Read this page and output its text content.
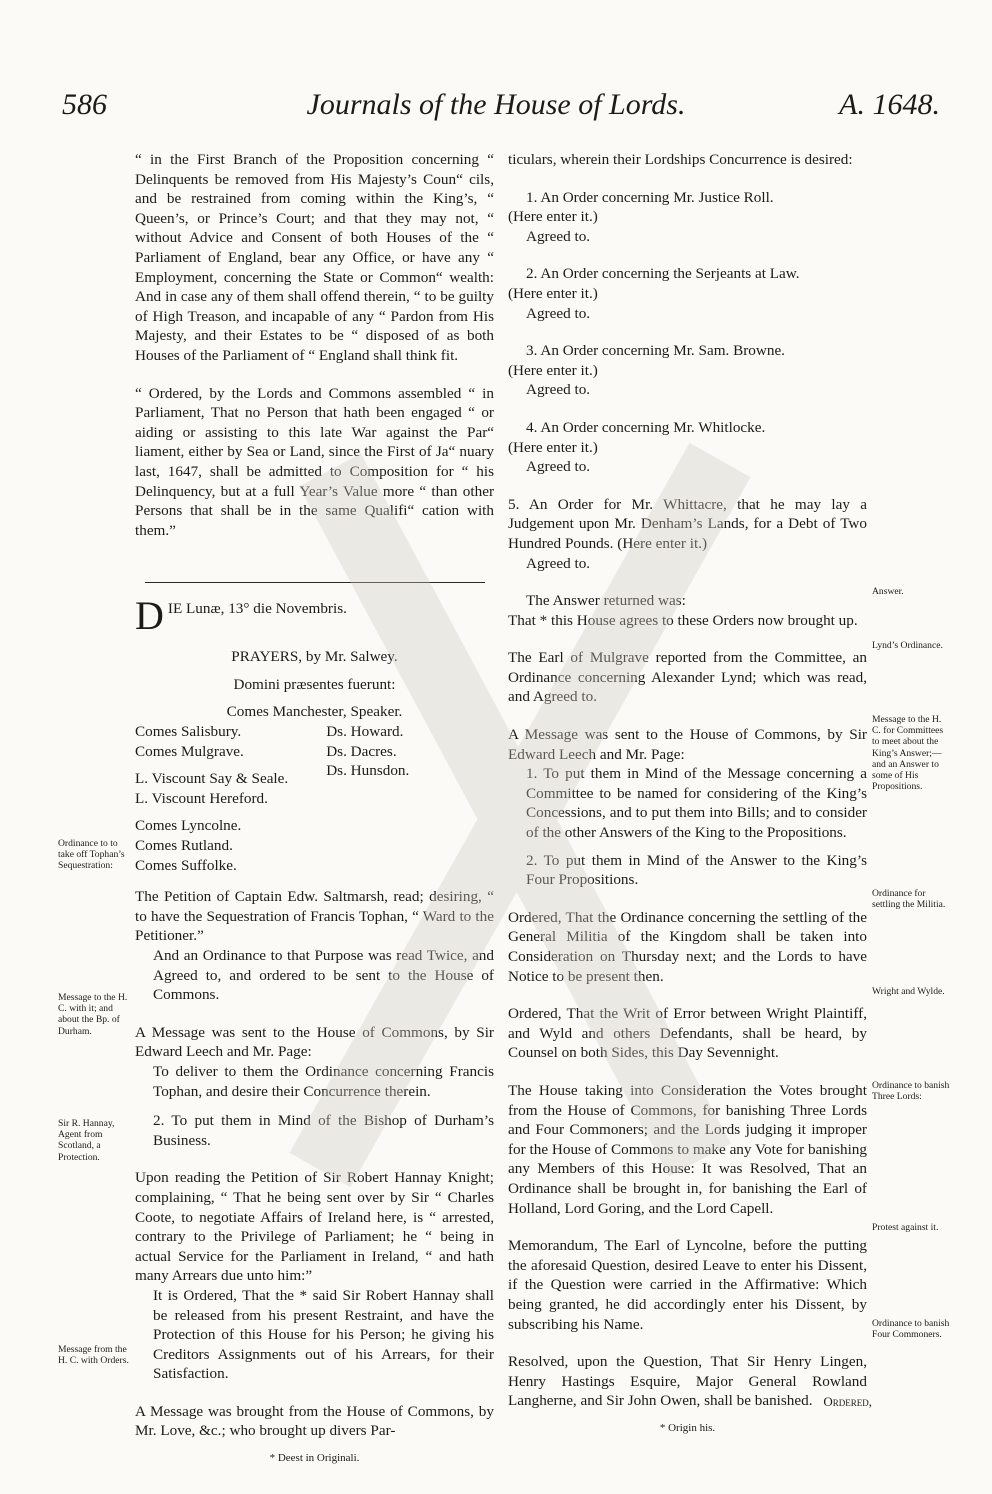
586	Journals of the House of Lords.	A. 1648.

“ in the First Branch of the Proposition concerning “ Delinquents be removed from His Majesty’s Coun“ cils, and be restrained from coming within the King’s, “ Queen’s, or Prince’s Court; and that they may not, “ without Advice and Consent of both Houses of the “ Parliament of England, bear any Office, or have any “ Employment, concerning the State or Common“ wealth: And in case any of them shall offend therein, “ to be guilty of High Treason, and incapable of any “ Pardon from His Majesty, and their Estates to be “ disposed of as both Houses of the Parliament of “ England shall think fit.

“ Ordered, by the Lords and Commons assembled “ in Parliament, That no Person that hath been engaged “ or aiding or assisting to this late War against the Par“ liament, either by Sea or Land, since the First of Ja“ nuary last, 1647, shall be admitted to Composition for “ his Delinquency, but at a full Year’s Value more “ than other Persons that shall be in the same Qualifi“ cation with them.”

DIE Lunæ, 13° die Novembris.

PRAYERS, by Mr. Salwey.

Domini præsentes fuerunt:

Comes Manchester, Speaker.

Comes Salisbury.

Comes Mulgrave.

L. Viscount Say & Seale.

L. Viscount Hereford.

Comes Lyncolne.

Comes Rutland.

Comes Suffolke.

Ds. Howard.

Ds. Dacres.

Ds. Hunsdon.

The Petition of Captain Edw. Saltmarsh, read; desiring, “ to have the Sequestration of Francis Tophan, “ Ward to the Petitioner.”

And an Ordinance to that Purpose was read Twice, and Agreed to, and ordered to be sent to the House of Commons.

A Message was sent to the House of Commons, by Sir Edward Leech and Mr. Page:

To deliver to them the Ordinance concerning Francis Tophan, and desire their Concurrence therein.

2. To put them in Mind of the Bishop of Durham’s Business.

Upon reading the Petition of Sir Robert Hannay Knight; complaining, “ That he being sent over by Sir “ Charles Coote, to negotiate Affairs of Ireland here, is “ arrested, contrary to the Privilege of Parliament; he “ being in actual Service for the Parliament in Ireland, “ and hath many Arrears due unto him:”

It is Ordered, That the * said Sir Robert Hannay shall be released from his present Restraint, and have the Protection of this House for his Person; he giving his Creditors Assignments out of his Arrears, for their Satisfaction.

A Message was brought from the House of Commons, by Mr. Love, &c.; who brought up divers Par-

* Deest in Originali.

ticulars, wherein their Lordships Concurrence is desired:

1. An Order concerning Mr. Justice Roll.

(Here enter it.)

Agreed to.

2. An Order concerning the Serjeants at Law.

(Here enter it.)

Agreed to.

3. An Order concerning Mr. Sam. Browne.

(Here enter it.)

Agreed to.

4. An Order concerning Mr. Whitlocke.

(Here enter it.)

Agreed to.

5. An Order for Mr. Whittacre, that he may lay a Judgement upon Mr. Denham’s Lands, for a Debt of Two Hundred Pounds. (Here enter it.)

Agreed to.

The Answer returned was:

That * this House agrees to these Orders now brought up.

The Earl of Mulgrave reported from the Committee, an Ordinance concerning Alexander Lynd; which was read, and Agreed to.

A Message was sent to the House of Commons, by Sir Edward Leech and Mr. Page:

1. To put them in Mind of the Message concerning a Committee to be named for considering of the King’s Concessions, and to put them into Bills; and to consider of the other Answers of the King to the Propositions.

2. To put them in Mind of the Answer to the King’s Four Propositions.

Ordered, That the Ordinance concerning the settling of the General Militia of the Kingdom shall be taken into Consideration on Thursday next; and the Lords to have Notice to be present then.

Ordered, That the Writ of Error between Wright Plaintiff, and Wyld and others Defendants, shall be heard, by Counsel on both Sides, this Day Sevennight.

The House taking into Consideration the Votes brought from the House of Commons, for banishing Three Lords and Four Commoners; and the Lords judging it improper for the House of Commons to make any Vote for banishing any Members of this House: It was Resolved, That an Ordinance shall be brought in, for banishing the Earl of Holland, Lord Goring, and the Lord Capell.

Memorandum, The Earl of Lyncolne, before the putting the aforesaid Question, desired Leave to enter his Dissent, if the Question were carried in the Affirmative: Which being granted, he did accordingly enter his Dissent, by subscribing his Name.

Resolved, upon the Question, That Sir Henry Lingen, Henry Hastings Esquire, Major General Rowland Langherne, and Sir John Owen, shall be banished.

* Origin his.

Ordinance to to take off Tophan’s Sequestration:
Message to the H. C. with it; and about the Bp. of Durham.
Sir R. Hannay, Agent from Scotland, a Protection.
Message from the H. C. with Orders.
Answer.
Lynd’s Ordinance.
Message to the H. C. for Committees to meet about the King’s Answer;—and an Answer to some of His Propositions.
Ordinance for settling the Militia.
Wright and Wylde.
Ordinance to banish Three Lords:
Protest against it.
Ordinance to banish Four Commoners.
Ordered,
